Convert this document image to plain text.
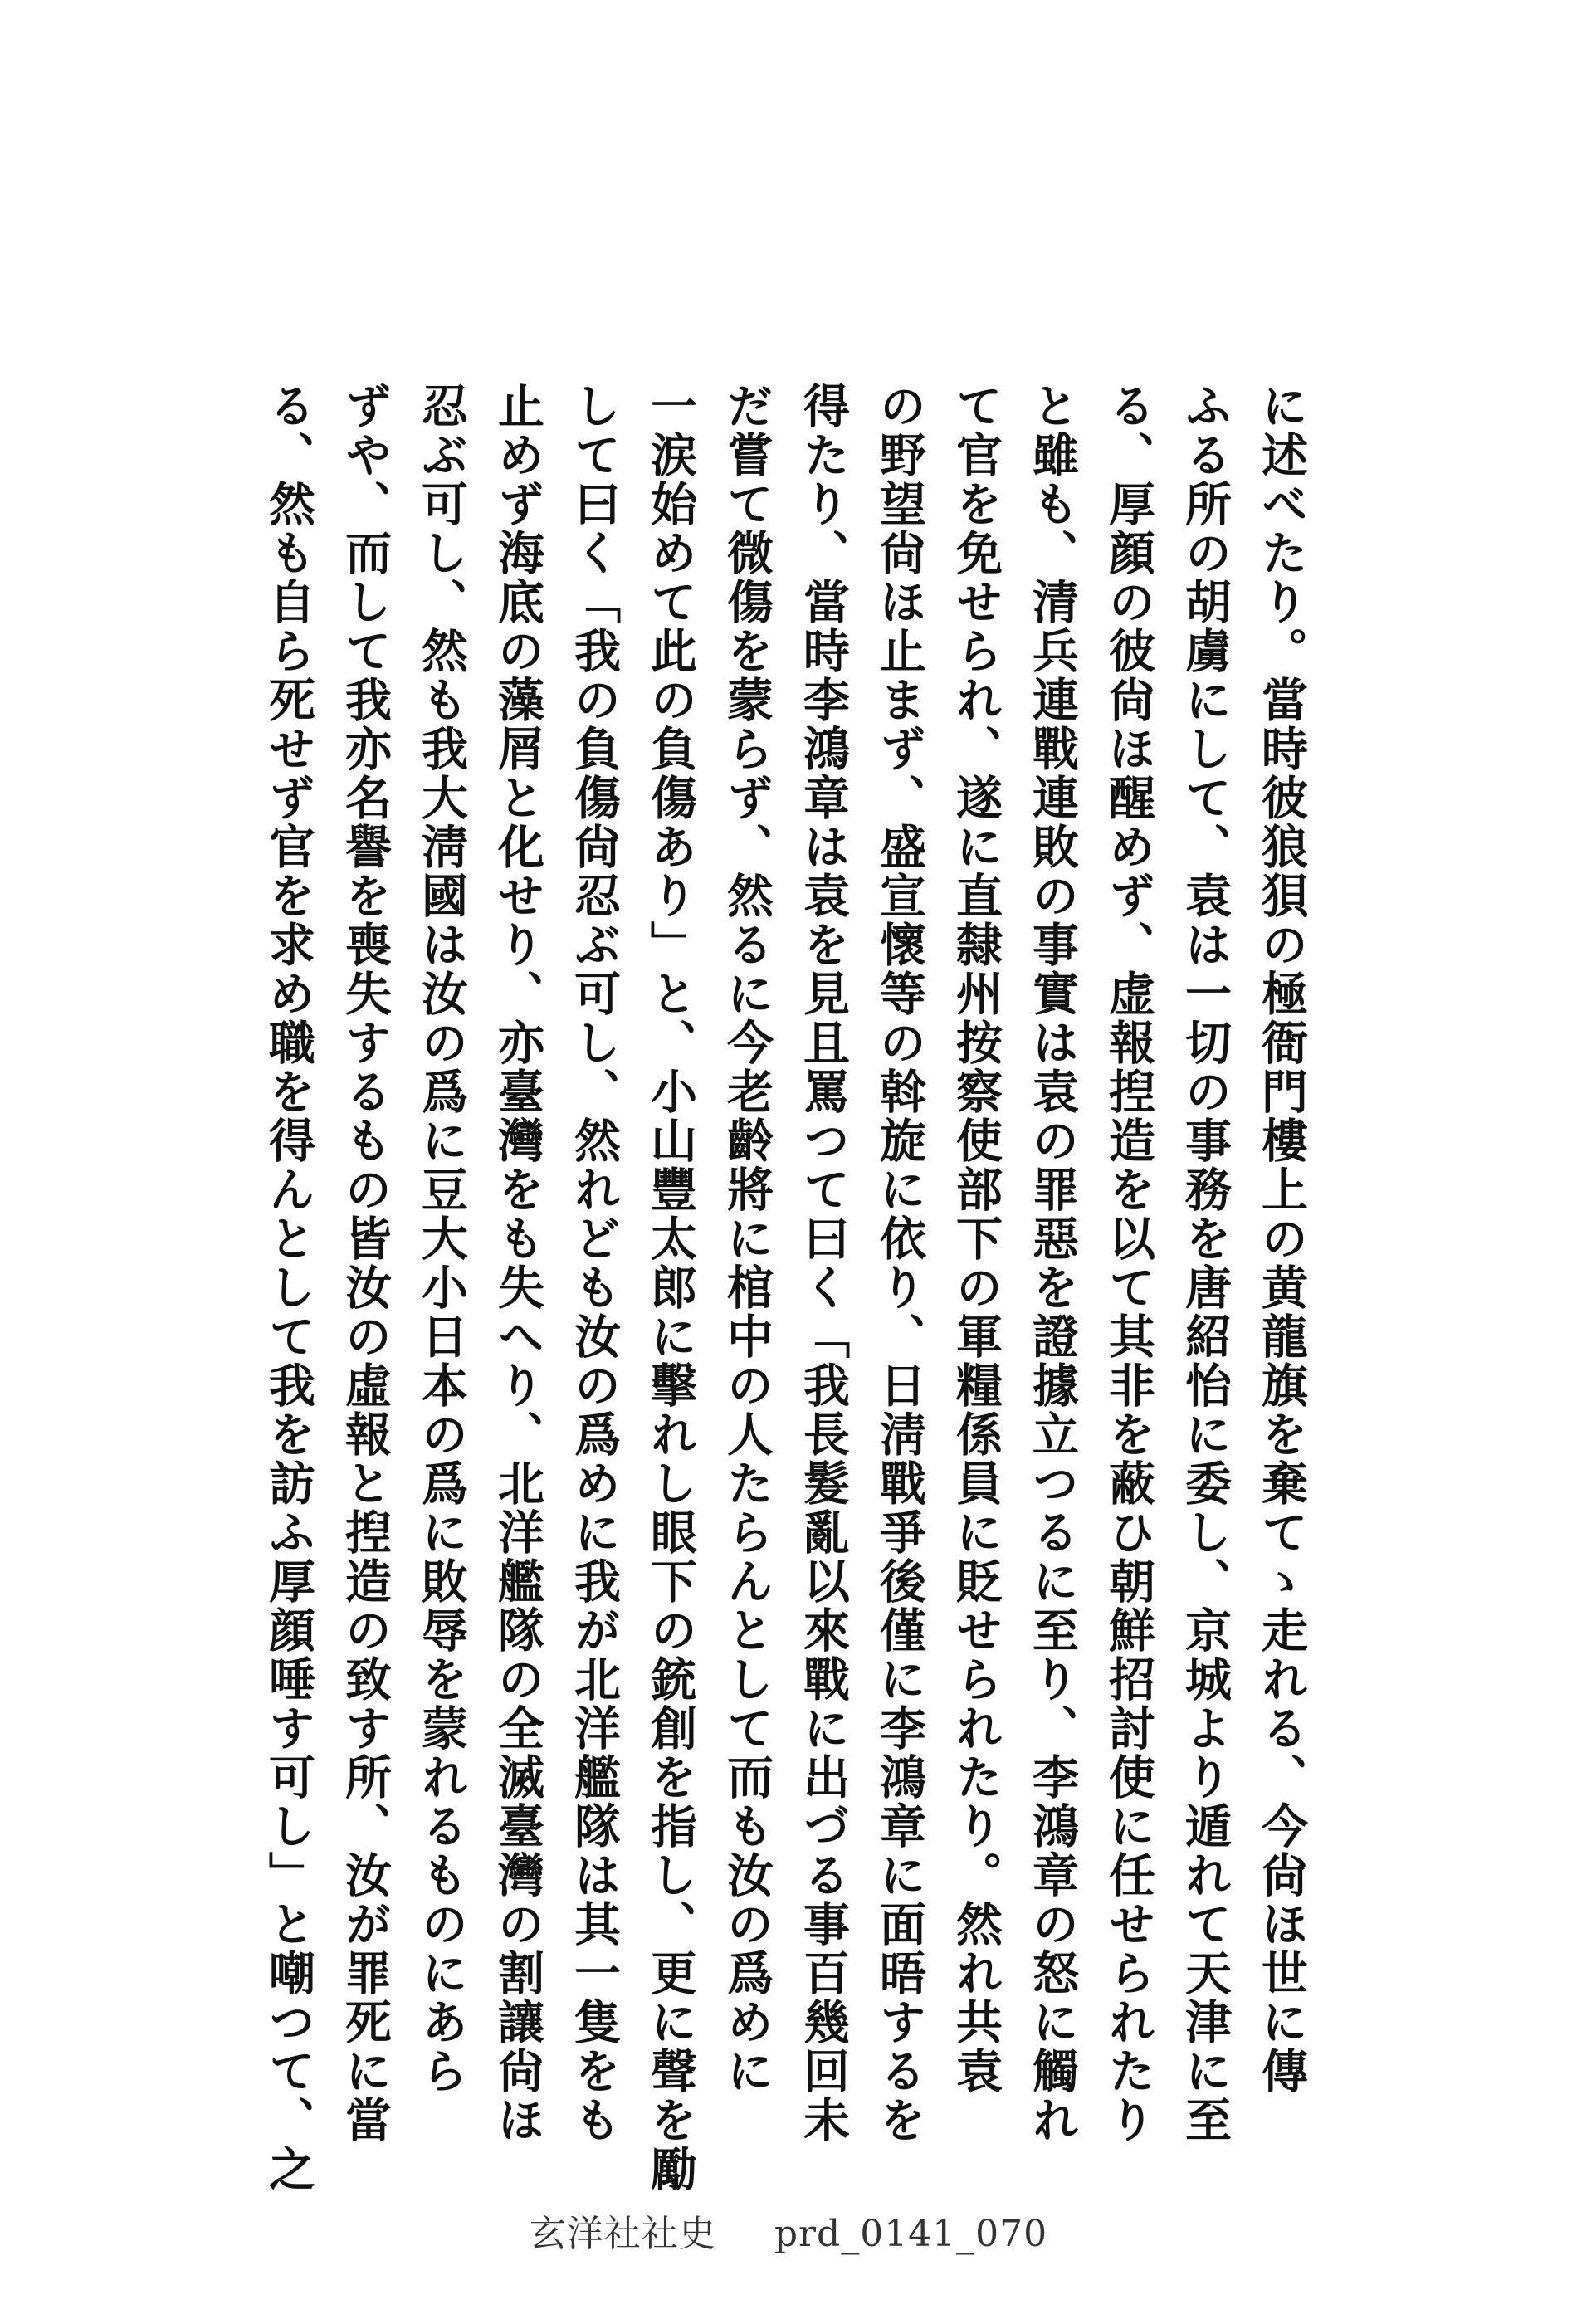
に述べたり。當時彼狼狽の極衙門樓上の黄龍旗を棄てゝ走れる、今尙ほ世に傳
ふる所の胡虜にして、袁は一切の事務を唐紹怡に委し、京城より遁れて天津に至
る、厚顔の彼尙ほ醒めず、虚報揑造を以て其非を蔽ひ朝鮮招討使に任せられたり
と雖も、清兵連戰連敗の事實は袁の罪惡を證據立つるに至り、李鴻章の怒に觸れ
て官を免せられ、遂に直隸州按察使部下の軍糧係員に貶せられたり。然れ共袁
の野望尙ほ止まず、盛宣懷等の斡旋に依り、日淸戰爭後僅に李鴻章に面晤するを
得たり、當時李鴻章は袁を見且罵つて曰く「我長髮亂以來戰に出づる事百幾回未
だ嘗て微傷を蒙らず、然るに今老齡將に棺中の人たらんとして而も汝の爲めに
一涙始めて此の負傷あり」と、小山豐太郎に擊れし眼下の銃創を指し、更に聲を勵
して曰く「我の負傷尙忍ぶ可し、然れども汝の爲めに我が北洋艦隊は其一隻をも
止めず海底の藻屑と化せり、亦臺灣をも失へり、北洋艦隊の全滅臺灣の割讓尙ほ
忍ぶ可し、然も我大淸國は汝の爲に豆大小日本の爲に敗辱を蒙れるものにあら
ずや、而して我亦名譽を喪失するもの皆汝の虛報と揑造の致す所、汝が罪死に當
る、然も自ら死せず官を求め職を得んとして我を訪ふ厚顔唾す可し」と嘲つて、之
玄洋社社史 prd_0141_070
